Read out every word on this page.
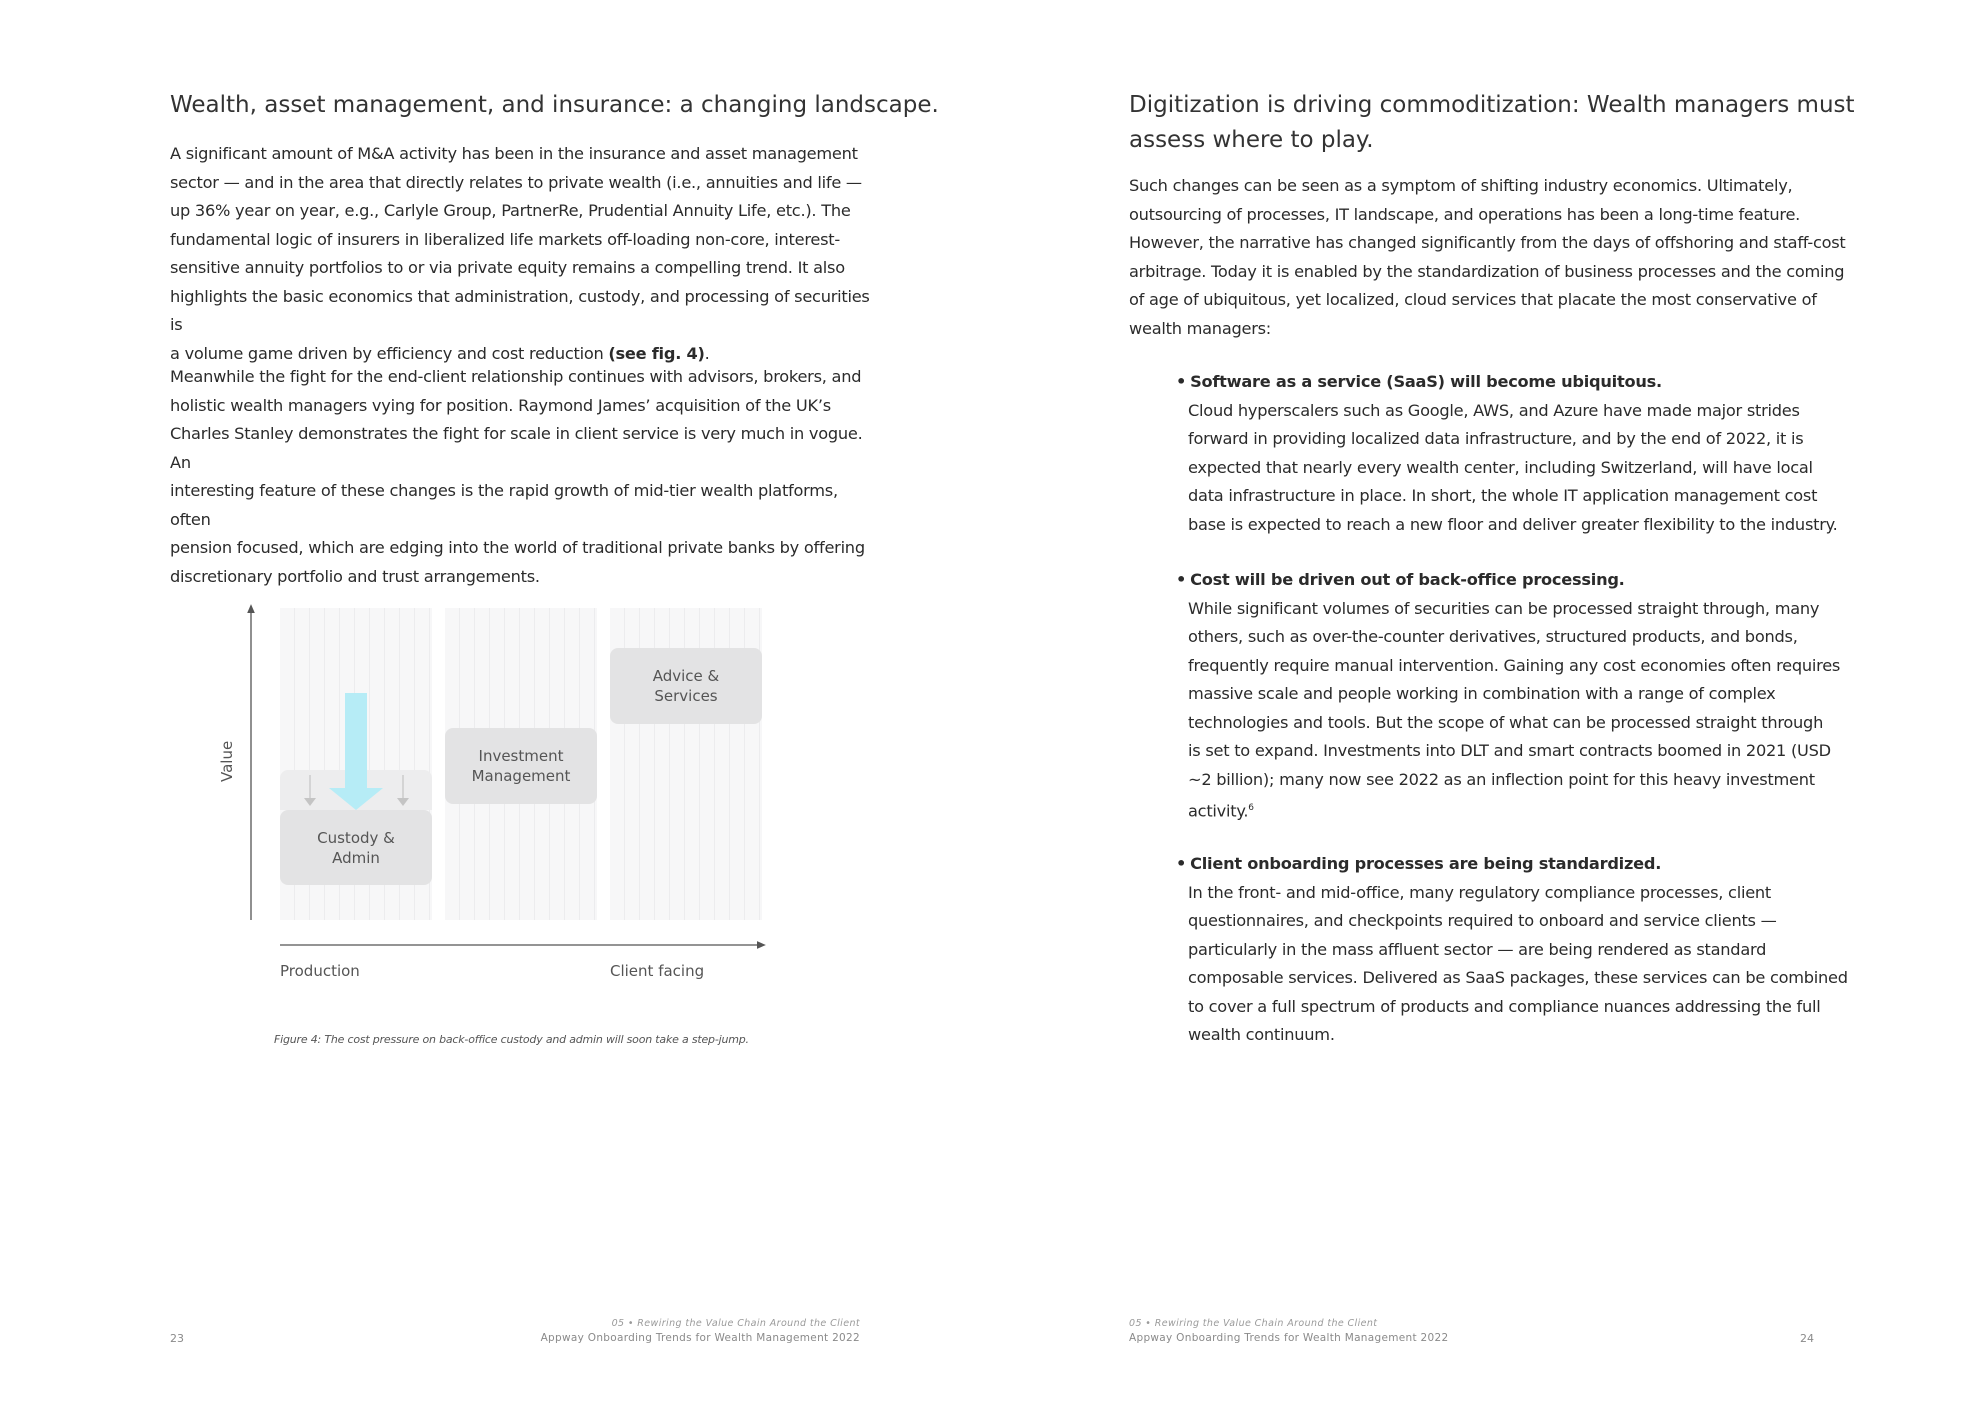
Wealth, asset management, and insurance: a changing landscape.
A significant amount of M&A activity has been in the insurance and asset management
sector — and in the area that directly relates to private wealth (i.e., annuities and life —
up 36% year on year, e.g., Carlyle Group, PartnerRe, Prudential Annuity Life, etc.). The
fundamental logic of insurers in liberalized life markets off-loading non-core, interest-
sensitive annuity portfolios to or via private equity remains a compelling trend. It also
highlights the basic economics that administration, custody, and processing of securities is
a volume game driven by efficiency and cost reduction (see fig. 4).
Meanwhile the fight for the end-client relationship continues with advisors, brokers, and
holistic wealth managers vying for position. Raymond James’ acquisition of the UK’s
Charles Stanley demonstrates the fight for scale in client service is very much in vogue. An
interesting feature of these changes is the rapid growth of mid-tier wealth platforms, often
pension focused, which are edging into the world of traditional private banks by offering
discretionary portfolio and trust arrangements.
Custody &
Admin
Investment
Management
Advice &
Services
Value
Production	Client facing
Figure 4: The cost pressure on back-office custody and admin will soon take a step-jump.
23
05 • Rewiring the Value Chain Around the Client
Appway Onboarding Trends for Wealth Management 2022
Digitization is driving commoditization: Wealth managers must
assess where to play.
Such changes can be seen as a symptom of shifting industry economics. Ultimately,
outsourcing of processes, IT landscape, and operations has been a long-time feature.
However, the narrative has changed significantly from the days of offshoring and staff-cost
arbitrage. Today it is enabled by the standardization of business processes and the coming
of age of ubiquitous, yet localized, cloud services that placate the most conservative of
wealth managers:
• Software as a service (SaaS) will become ubiquitous.
Cloud hyperscalers such as Google, AWS, and Azure have made major strides
forward in providing localized data infrastructure, and by the end of 2022, it is
expected that nearly every wealth center, including Switzerland, will have local
data infrastructure in place. In short, the whole IT application management cost
base is expected to reach a new floor and deliver greater flexibility to the industry.
• Cost will be driven out of back-office processing.
While significant volumes of securities can be processed straight through, many
others, such as over-the-counter derivatives, structured products, and bonds,
frequently require manual intervention. Gaining any cost economies often requires
massive scale and people working in combination with a range of complex
technologies and tools. But the scope of what can be processed straight through
is set to expand. Investments into DLT and smart contracts boomed in 2021 (USD
~2 billion); many now see 2022 as an inflection point for this heavy investment
activity.$^6$
• Client onboarding processes are being standardized.
In the front- and mid-office, many regulatory compliance processes, client
questionnaires, and checkpoints required to onboard and service clients —
particularly in the mass affluent sector — are being rendered as standard
composable services. Delivered as SaaS packages, these services can be combined
to cover a full spectrum of products and compliance nuances addressing the full
wealth continuum.
05 • Rewiring the Value Chain Around the Client
Appway Onboarding Trends for Wealth Management 2022	24
